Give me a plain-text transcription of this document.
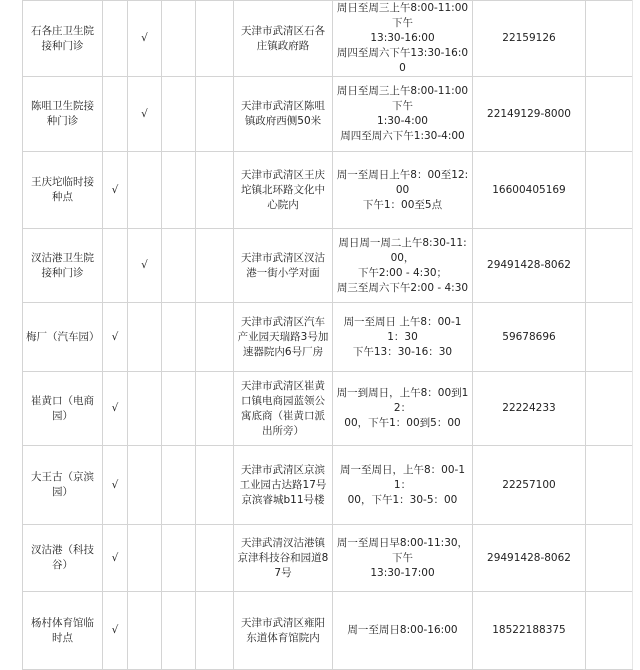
石各庄卫生院接种门诊		√			天津市武清区石各庄镇政府路	周日至周三上午8:00-11:00下午
13:30-16:00
周四至周六下午13:30-16:00	22159126	
陈咀卫生院接种门诊		√			天津市武清区陈咀镇政府西侧50米	周日至周三上午8:00-11:00下午
1:30-4:00
周四至周六下午1:30-4:00	22149129-8000	
王庆坨临时接种点	√				天津市武清区王庆坨镇北环路文化中心院内	周一至周日上午8：00至12:00
下午1：00至5点	16600405169	
汊沽港卫生院接种门诊		√			天津市武清区汊沽港一街小学对面	周日周一周二上午8:30-11:00，
下午2:00 - 4:30；
周三至周六下午2:00 - 4:30	29491428-8062	
梅厂（汽车园）	√				天津市武清区汽车产业园天瑞路3号加速器院内6号厂房	周一至周日 上午8：00-11：30
下午13：30-16：30	59678696	
崔黄口（电商园）	√				天津市武清区崔黄口镇电商园蓝领公寓底商（崔黄口派出所旁）	周一到周日，上午8：00到12：
00，下午1：00到5：00	22224233	
大王古（京滨园）	√				天津市武清区京滨工业园古达路17号京滨睿城b11号楼	周一至周日，上午8：00-11：
00，下午1：30-5：00	22257100	
汊沽港（科技谷）	√				天津武清汊沽港镇京津科技谷和园道87号	周一至周日早8:00-11:30，下午
13:30-17:00	29491428-8062	
杨村体育馆临时点	√				天津市武清区雍阳东道体育馆院内	周一至周日8:00-16:00	18522188375	
